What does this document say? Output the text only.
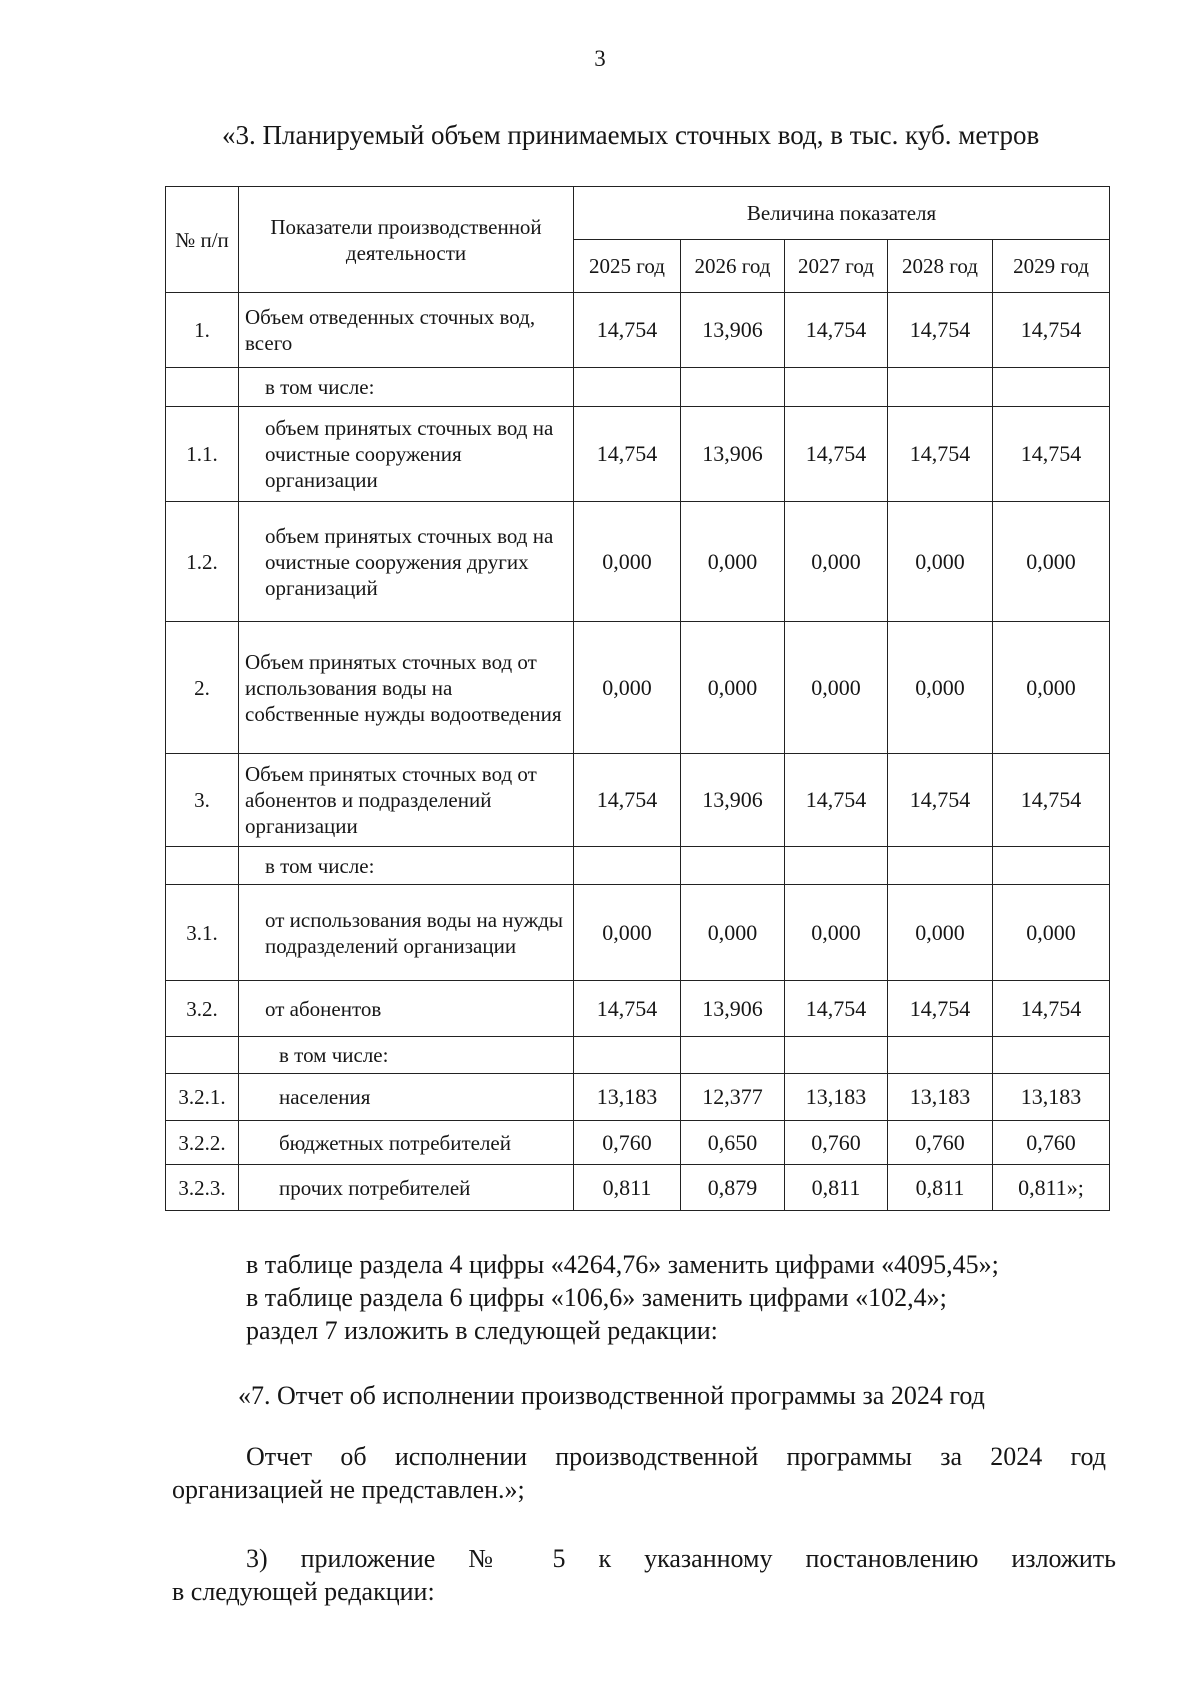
3
«3. Планируемый объем принимаемых сточных вод, в тыс. куб. метров
№ п/п	Показатели производственной деятельности	Величина показателя				
		2025 год	2026 год	2027 год	2028 год	2029 год
1.	Объем отведенных сточных вод, всего	14,754	13,906	14,754	14,754	14,754
	в том числе:					
1.1.	объем принятых сточных вод на очистные сооружения организации	14,754	13,906	14,754	14,754	14,754
1.2.	объем принятых сточных вод на очистные сооружения других организаций	0,000	0,000	0,000	0,000	0,000
2.	Объем принятых сточных вод от использования воды на собственные нужды водоотведения	0,000	0,000	0,000	0,000	0,000
3.	Объем принятых сточных вод от абонентов и подразделений организации	14,754	13,906	14,754	14,754	14,754
	в том числе:					
3.1.	от использования воды на нужды подразделений организации	0,000	0,000	0,000	0,000	0,000
3.2.	от абонентов	14,754	13,906	14,754	14,754	14,754
	в том числе:					
3.2.1.	населения	13,183	12,377	13,183	13,183	13,183
3.2.2.	бюджетных потребителей	0,760	0,650	0,760	0,760	0,760
3.2.3.	прочих потребителей	0,811	0,879	0,811	0,811	0,811»;
в таблице раздела 4 цифры «4264,76» заменить цифрами «4095,45»;
в таблице раздела 6 цифры «106,6» заменить цифрами «102,4»;
раздел 7 изложить в следующей редакции:
«7. Отчет об исполнении производственной программы за 2024 год
Отчет об исполнении производственной программы за 2024 год
организацией не представлен.»;
3) приложение № 5 к указанному постановлению изложить
в следующей редакции:
